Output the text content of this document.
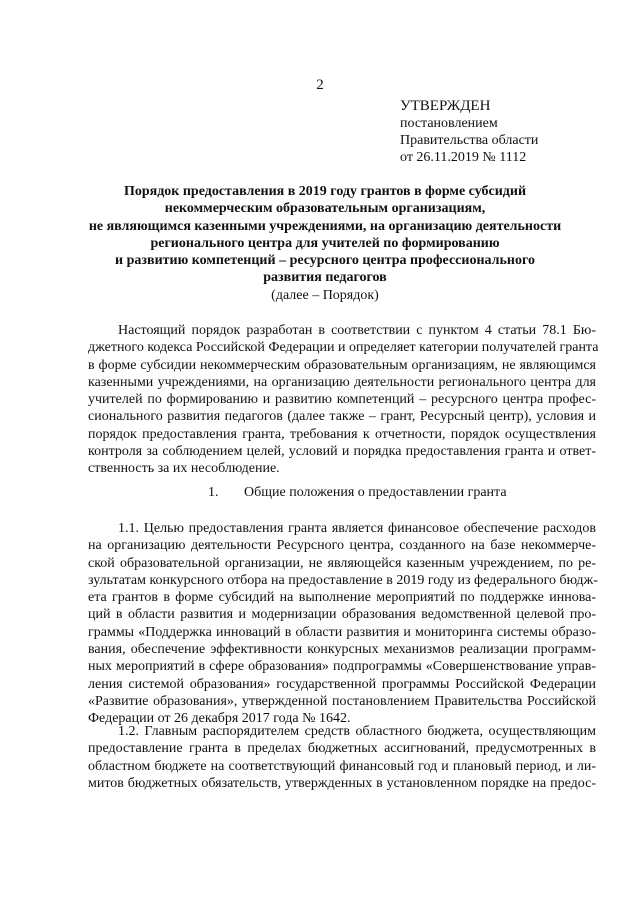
2
УТВЕРЖДЕН
постановлением
Правительства области
от 26.11.2019 № 1112
Порядок предоставления в 2019 году грантов в форме субсидий
некоммерческим образовательным организациям,
не являющимся казенными учреждениями, на организацию деятельности
регионального центра для учителей по формированию
и развитию компетенций – ресурсного центра профессионального
развития педагогов
(далее – Порядок)
Настоящий порядок разработан в соответствии с пунктом 4 статьи 78.1 Бю-
джетного кодекса Российской Федерации и определяет категории получателей гранта
в форме субсидии некоммерческим образовательным организациям, не являющимся
казенными учреждениями, на организацию деятельности регионального центра для
учителей по формированию и развитию компетенций – ресурсного центра профес-
сионального развития педагогов (далее также – грант, Ресурсный центр), условия и
порядок предоставления гранта, требования к отчетности, порядок осуществления
контроля за соблюдением целей, условий и порядка предоставления гранта и ответ-
ственность за их несоблюдение.
1. Общие положения о предоставлении гранта
1.1. Целью предоставления гранта является финансовое обеспечение расходов
на организацию деятельности Ресурсного центра, созданного на базе некоммерче-
ской образовательной организации, не являющейся казенным учреждением, по ре-
зультатам конкурсного отбора на предоставление в 2019 году из федерального бюдж-
ета грантов в форме субсидий на выполнение мероприятий по поддержке иннова-
ций в области развития и модернизации образования ведомственной целевой про-
граммы «Поддержка инноваций в области развития и мониторинга системы образо-
вания, обеспечение эффективности конкурсных механизмов реализации программ-
ных мероприятий в сфере образования» подпрограммы «Совершенствование управ-
ления системой образования» государственной программы Российской Федерации
«Развитие образования», утвержденной постановлением Правительства Российской
Федерации от 26 декабря 2017 года № 1642.
1.2. Главным распорядителем средств областного бюджета, осуществляющим
предоставление гранта в пределах бюджетных ассигнований, предусмотренных в
областном бюджете на соответствующий финансовый год и плановый период, и ли-
митов бюджетных обязательств, утвержденных в установленном порядке на предос-
